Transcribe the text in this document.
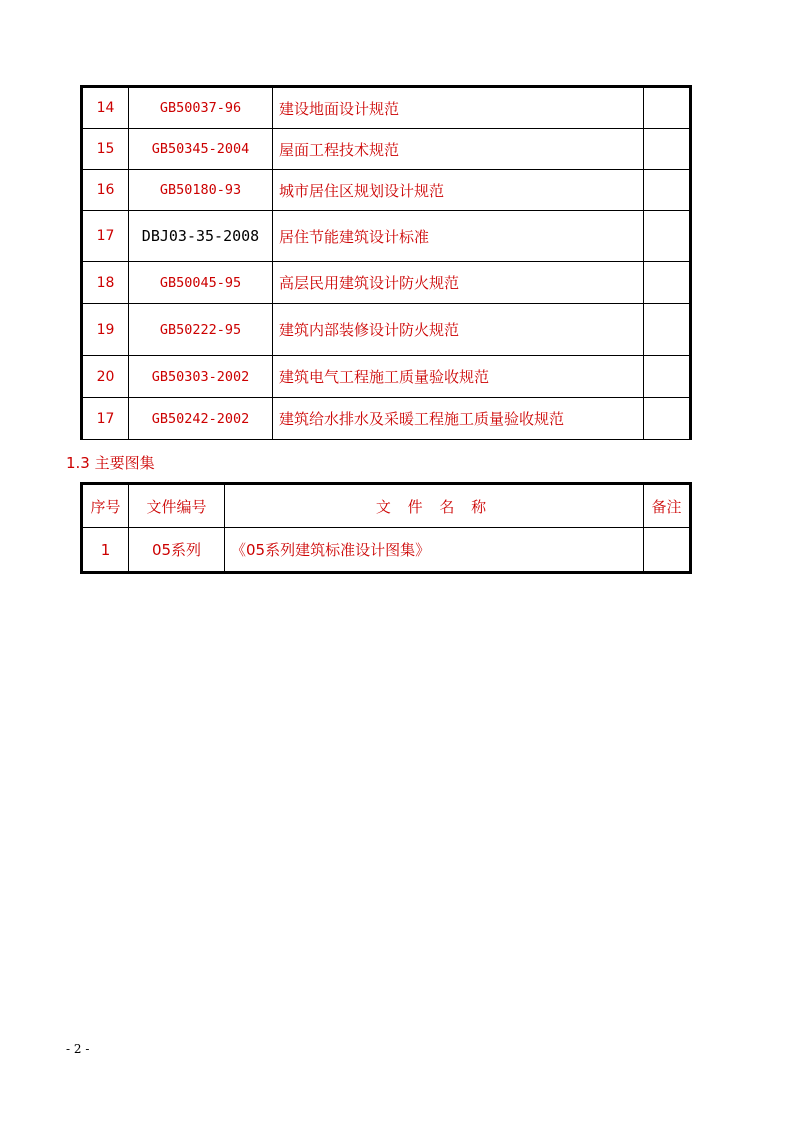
14	GB50037-96	建设地面设计规范	
15	GB50345-2004	屋面工程技术规范	
16	GB50180-93	城市居住区规划设计规范	
17	DBJ03-35-2008	居住节能建筑设计标准	
18	GB50045-95	高层民用建筑设计防火规范	
19	GB50222-95	建筑内部装修设计防火规范	
20	GB50303-2002	建筑电气工程施工质量验收规范	
17	GB50242-2002	建筑给水排水及采暖工程施工质量验收规范	

1.3 主要图集

序号	文件编号	文 件 名 称	备注
1	05系列	《05系列建筑标准设计图集》	
- 2 -
